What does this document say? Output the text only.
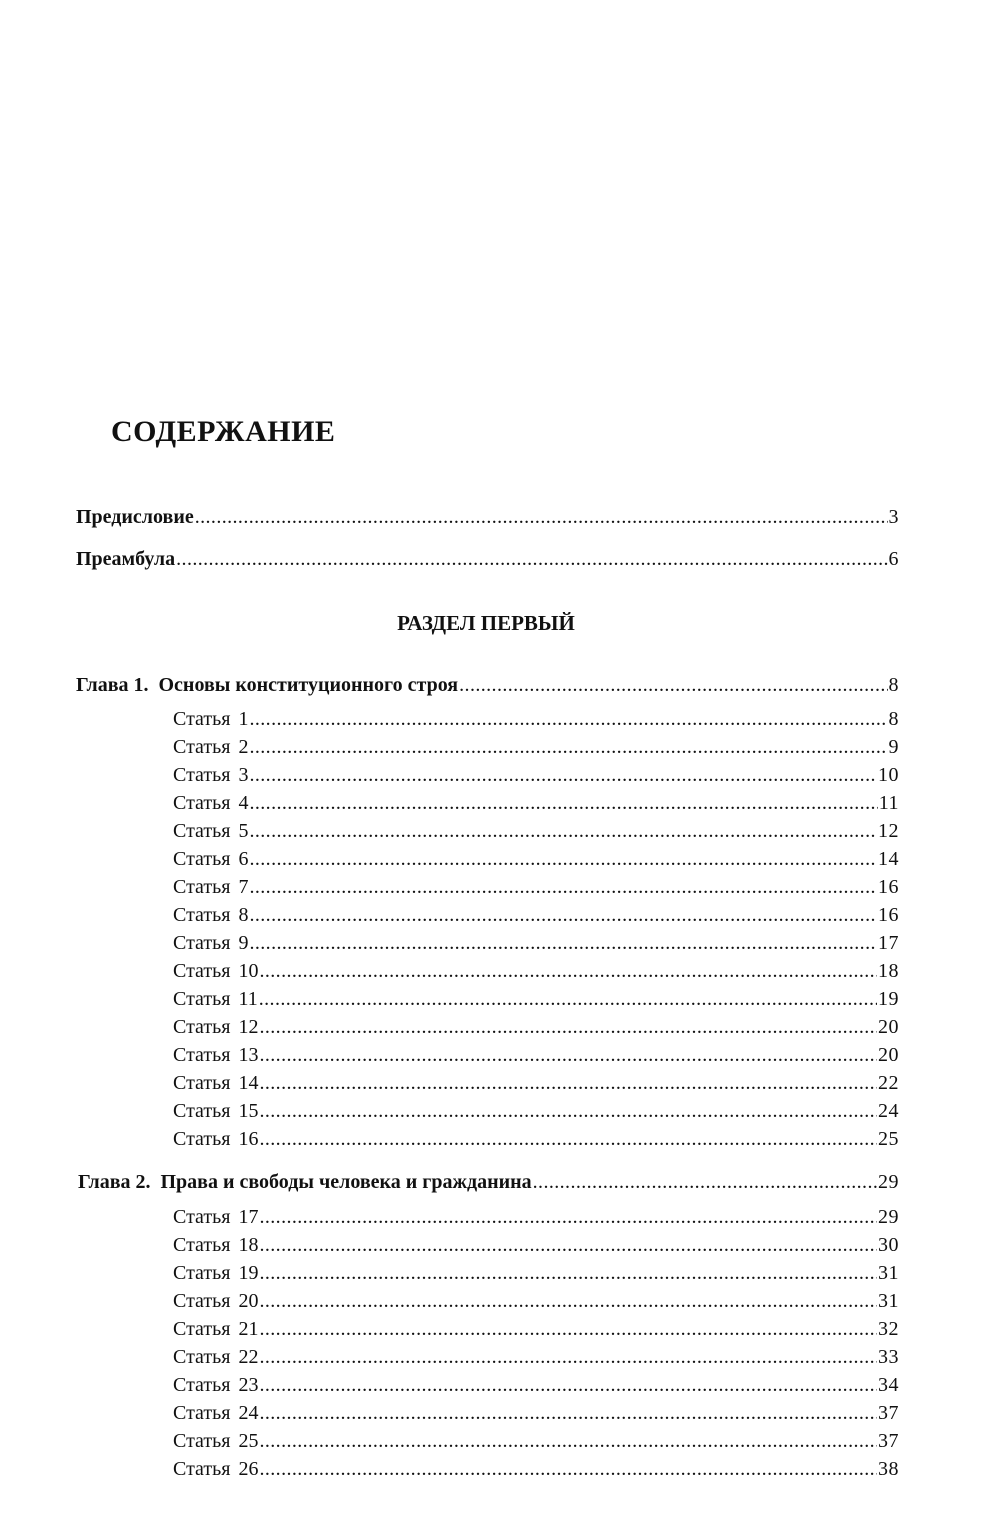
СОДЕРЖАНИЕ
Предисловие .....	3
Преамбула .....	6
РАЗДЕЛ ПЕРВЫЙ
Глава 1. Основы конституционного строя .....	8
Статья 1 .....	8
Статья 2 .....	9
Статья 3 .....	10
Статья 4 .....	11
Статья 5 .....	12
Статья 6 .....	14
Статья 7 .....	16
Статья 8 .....	16
Статья 9 .....	17
Статья 10 .....	18
Статья 11 .....	19
Статья 12 .....	20
Статья 13 .....	20
Статья 14 .....	22
Статья 15 .....	24
Статья 16 .....	25
Глава 2. Права и свободы человека и гражданина .....	29
Статья 17 .....	29
Статья 18 .....	30
Статья 19 .....	31
Статья 20 .....	31
Статья 21 .....	32
Статья 22 .....	33
Статья 23 .....	34
Статья 24 .....	37
Статья 25 .....	37
Статья 26 .....	38
